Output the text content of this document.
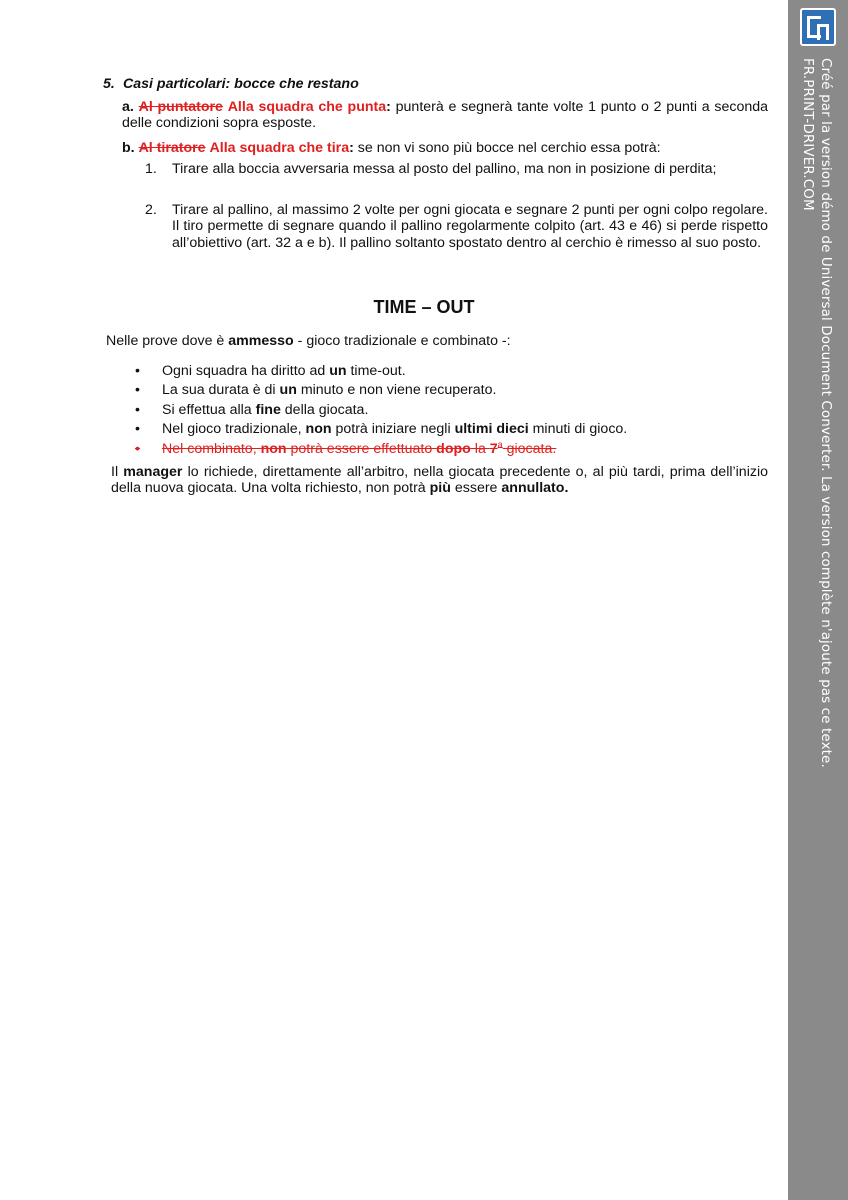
5. Casi particolari: bocce che restano
a. Al puntatore Alla squadra che punta: punterà e segnerà tante volte 1 punto o 2 punti a seconda delle condizioni sopra esposte.
b. Al tiratore Alla squadra che tira: se non vi sono più bocce nel cerchio essa potrà:
1. Tirare alla boccia avversaria messa al posto del pallino, ma non in posizione di perdita;
2. Tirare al pallino, al massimo 2 volte per ogni giocata e segnare 2 punti per ogni colpo regolare. Il tiro permette di segnare quando il pallino regolarmente colpito (art. 43 e 46) si perde rispetto all’obiettivo (art. 32 a e b). Il pallino soltanto spostato dentro al cerchio è rimesso al suo posto.
TIME – OUT
Nelle prove dove è ammesso - gioco tradizionale e combinato -:
• Ogni squadra ha diritto ad un time-out.
• La sua durata è di un minuto e non viene recuperato.
• Si effettua alla fine della giocata.
• Nel gioco tradizionale, non potrà iniziare negli ultimi dieci minuti di gioco.
• Nel combinato, non potrà essere effettuato dopo la 7$^a$ giocata.
Il manager lo richiede, direttamente all’arbitro, nella giocata precedente o, al più tardi, prima dell’inizio della nuova giocata. Una volta richiesto, non potrà più essere annullato.	Créé par la version démo de Universal Document Converter. La version complète n'ajoute pas ce texte.
FR.PRINT-DRIVER.COM
